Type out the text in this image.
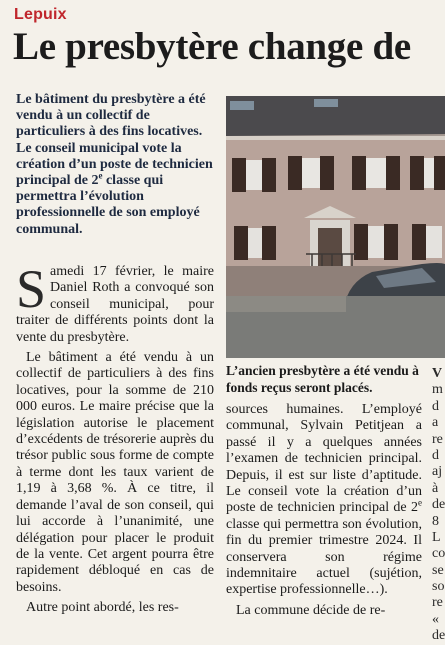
Lepuix
Le presbytère change de
Le bâtiment du presbytère a été vendu à un collectif de particuliers à des fins locatives. Le conseil municipal vote la création d’un poste de technicien principal de 2e classe qui permettra l’évolution professionnelle de son employé communal.

Samedi 17 février, le maire Daniel Roth a convoqué son conseil municipal, pour traiter de différents points dont la vente du presbytère.

Le bâtiment a été vendu à un collectif de particuliers à des fins locatives, pour la somme de 210 000 euros. Le maire précise que la législation autorise le placement d’excédents de trésorerie auprès du trésor public sous forme de compte à terme dont les taux varient de 1,19 à 3,68 %. À ce titre, il demande l’aval de son conseil, qui lui accorde à l’unanimité, une délégation pour placer le produit de la vente. Cet argent pourra être rapidement débloqué en cas de besoins.

Autre point abordé, les res-

L’ancien presbytère a été vendu à
fonds reçus seront placés.

sources humaines. L’employé communal, Sylvain Petitjean a passé il y a quelques années l’examen de technicien principal. Depuis, il est sur liste d’aptitude. Le conseil vote la création d’un poste de technicien principal de 2e classe qui permettra son évolution, fin du premier trimestre 2024. Il conservera son régime indemnitaire actuel (sujétion, expertise professionnelle…).

La commune décide de re-

V
m
d
a
re
d
aj
à
de
8
L
co
se
so
re
«
de
